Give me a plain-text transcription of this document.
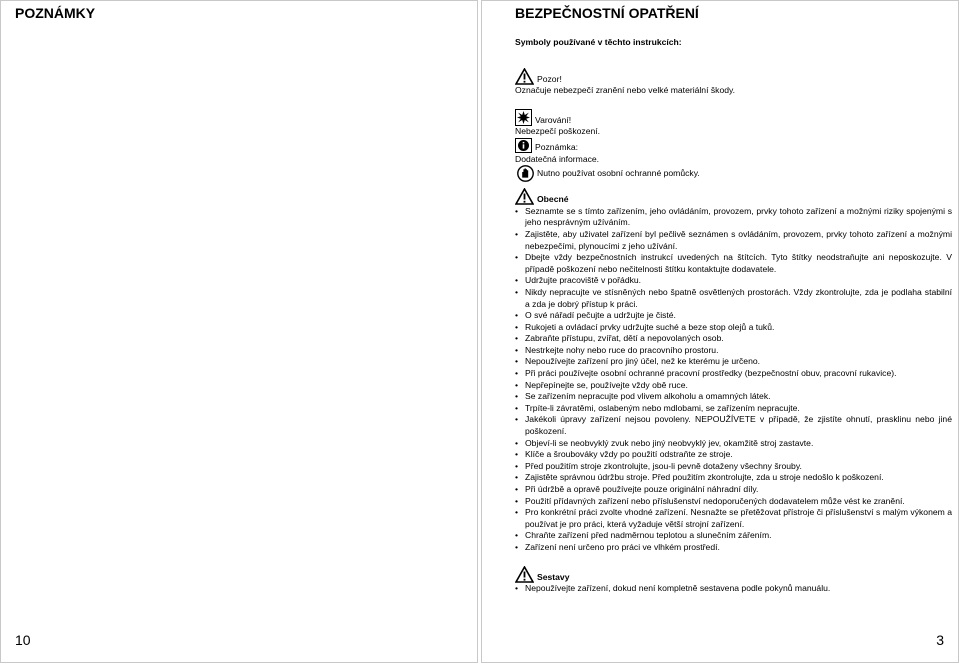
POZNÁMKY
10
BEZPEČNOSTNÍ OPATŘENÍ
Symboly používané v těchto instrukcích:
Pozor!
Označuje nebezpečí zranění nebo velké materiální škody.
Varování!
Nebezpečí poškození.
Poznámka:
Dodatečná informace.
Nutno používat osobní ochranné pomůcky.
Obecné
• Seznamte se s tímto zařízením, jeho ovládáním, provozem, prvky tohoto zařízení a možnými riziky spojenými s jeho nesprávným užíváním.
• Zajistěte, aby uživatel zařízení byl pečlivě seznámen s ovládáním, provozem, prvky tohoto zařízení a možnými nebezpečími, plynoucími z jeho užívání.
• Dbejte vždy bezpečnostních instrukcí uvedených na štítcích. Tyto štítky neodstraňujte ani neposkozujte. V případě poškození nebo nečitelnosti štítku kontaktujte dodavatele.
• Udržujte pracoviště v pořádku.
• Nikdy nepracujte ve stísněných nebo špatně osvětlených prostorách. Vždy zkontrolujte, zda je podlaha stabilní a zda je dobrý přístup k práci.
• O své nářadí pečujte a udržujte je čisté.
• Rukojeti a ovládací prvky udržujte suché a beze stop olejů a tuků.
• Zabraňte přístupu, zvířat, dětí a nepovolaných osob.
• Nestrkejte nohy nebo ruce do pracovního prostoru.
• Nepoužívejte zařízení pro jiný účel, než ke kterému je určeno.
• Při práci používejte osobní ochranné pracovní prostředky (bezpečnostní obuv, pracovní rukavice).
• Nepřepínejte se, používejte vždy obě ruce.
• Se zařízením nepracujte pod vlivem alkoholu a omamných látek.
• Trpíte-li závratěmi, oslabeným nebo mdlobami, se zařízením nepracujte.
• Jakékoli úpravy zařízení nejsou povoleny. NEPOUŽÍVETE v případě, že zjistíte ohnutí, prasklinu nebo jiné poškození.
• Objeví-li se neobvyklý zvuk nebo jiný neobvyklý jev, okamžitě stroj zastavte.
• Klíče a šroubováky vždy po použití odstraňte ze stroje.
• Před použitím stroje zkontrolujte, jsou-li pevně dotaženy všechny šrouby.
• Zajistěte správnou údržbu stroje. Před použitím zkontrolujte, zda u stroje nedošlo k poškození.
• Při údržbě a opravě používejte pouze originální náhradní díly.
• Použití přídavných zařízení nebo příslušenství nedoporučených dodavatelem může vést ke zranění.
• Pro konkrétní práci zvolte vhodné zařízení. Nesnažte se přetěžovat přístroje či příslušenství s malým výkonem a používat je pro práci, která vyžaduje větší strojní zařízení.
• Chraňte zařízení před nadměrnou teplotou a slunečním zářením.
• Zařízení není určeno pro práci ve vlhkém prostředí.
Sestavy
• Nepoužívejte zařízení, dokud není kompletně sestavena podle pokynů manuálu.
3
